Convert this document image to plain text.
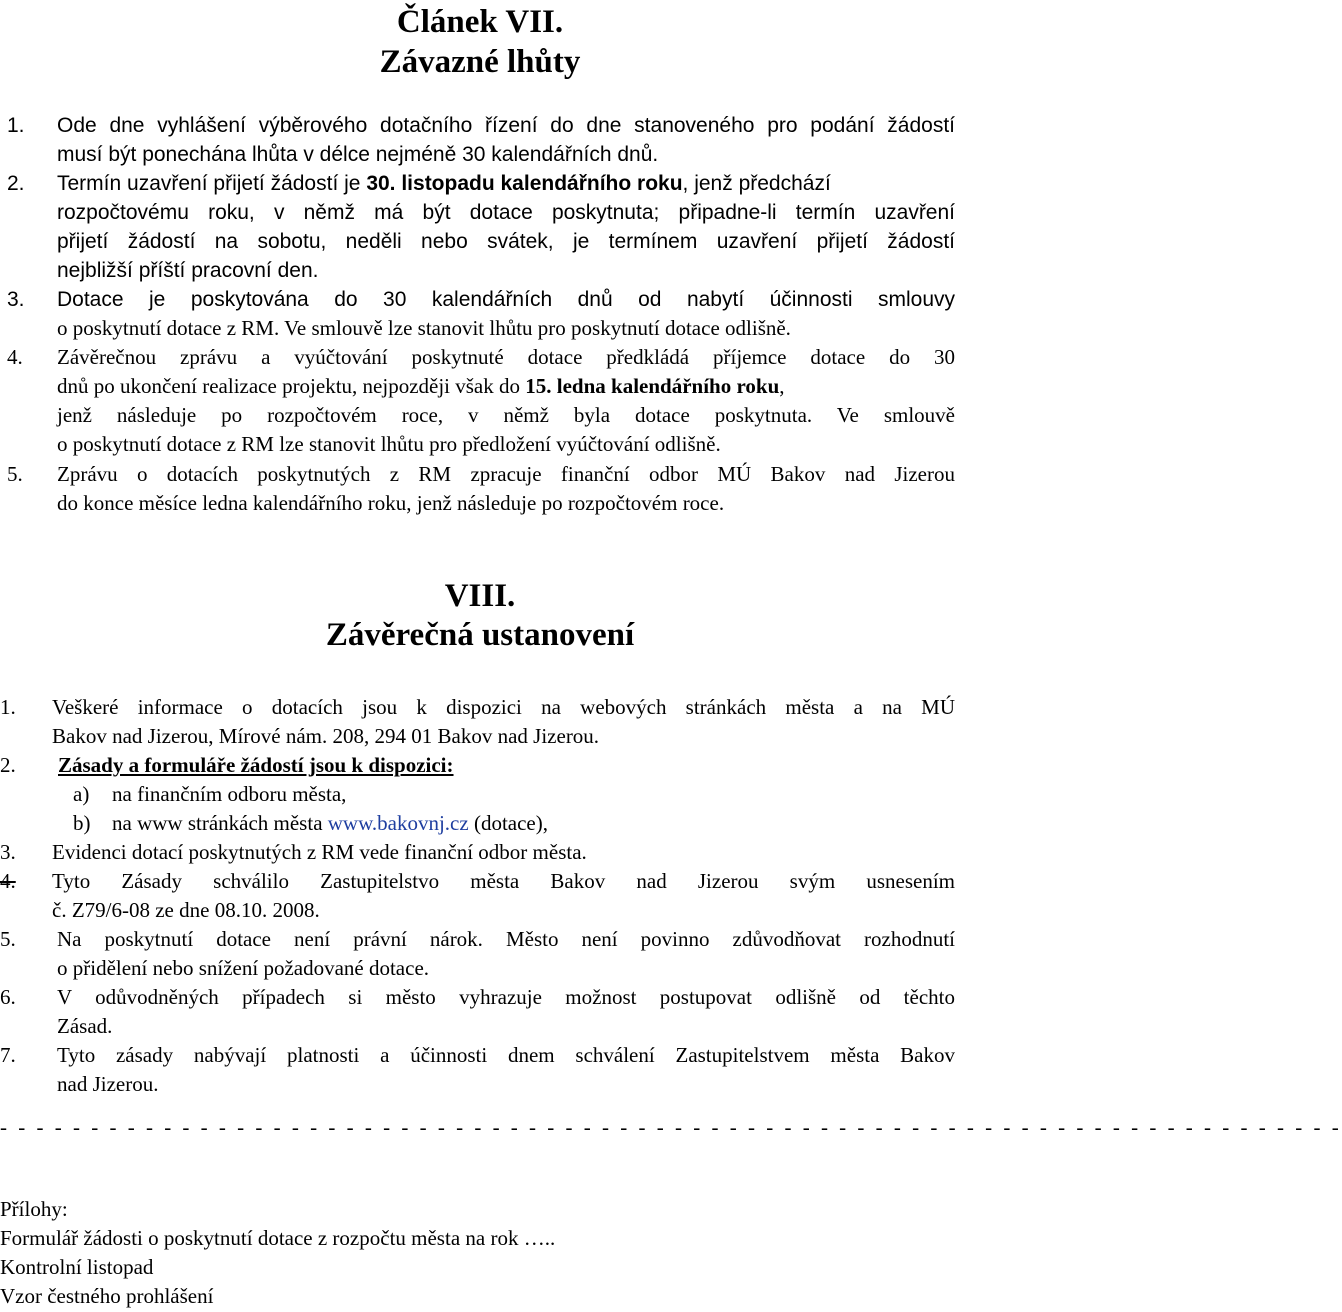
Článek VII.
Závazné lhůty
1. Ode dne vyhlášení výběrového dotačního řízení do dne stanoveného pro podání žádostí
musí být ponechána lhůta v délce nejméně 30 kalendářních dnů.
2. Termín uzavření přijetí žádostí je 30. listopadu kalendářního roku, jenž předchází
rozpočtovému roku, v němž má být dotace poskytnuta; připadne-li termín uzavření
přijetí žádostí na sobotu, neděli nebo svátek, je termínem uzavření přijetí žádostí
nejbližší příští pracovní den.
3. Dotace je poskytována do 30 kalendářních dnů od nabytí účinnosti smlouvy
o poskytnutí dotace z RM. Ve smlouvě lze stanovit lhůtu pro poskytnutí dotace odlišně.
4. Závěrečnou zprávu a vyúčtování poskytnuté dotace předkládá příjemce dotace do 30
dnů po ukončení realizace projektu, nejpozději však do 15. ledna kalendářního roku,
jenž následuje po rozpočtovém roce, v němž byla dotace poskytnuta. Ve smlouvě
o poskytnutí dotace z RM lze stanovit lhůtu pro předložení vyúčtování odlišně.
5. Zprávu o dotacích poskytnutých z RM zpracuje finanční odbor MÚ Bakov nad Jizerou
do konce měsíce ledna kalendářního roku, jenž následuje po rozpočtovém roce.
VIII.
Závěrečná ustanovení
1. Veškeré informace o dotacích jsou k dispozici na webových stránkách města a na MÚ
Bakov nad Jizerou, Mírové nám. 208, 294 01 Bakov nad Jizerou.
2. Zásady a formuláře žádostí jsou k dispozici:
a) na finančním odboru města,
b) na www stránkách města www.bakovnj.cz (dotace),
3. Evidenci dotací poskytnutých z RM vede finanční odbor města.
4. Tyto Zásady schválilo Zastupitelstvo města Bakov nad Jizerou svým usnesením
č. Z79/6-08 ze dne 08.10. 2008.
5. Na poskytnutí dotace není právní nárok. Město není povinno zdůvodňovat rozhodnutí
o přidělení nebo snížení požadované dotace.
6. V odůvodněných případech si město vyhrazuje možnost postupovat odlišně od těchto
Zásad.
7. Tyto zásady nabývají platnosti a účinnosti dnem schválení Zastupitelstvem města Bakov
nad Jizerou.
- - - - - - - - - - - - - - - - - - - - - - - - - - - - - - - - - - - - - - - - - - - - - - - - - - - - - - - - - - - - - - - - - - - - - - - - - -
Přílohy:
Formulář žádosti o poskytnutí dotace z rozpočtu města na rok …..
Kontrolní listopad
Vzor čestného prohlášení
